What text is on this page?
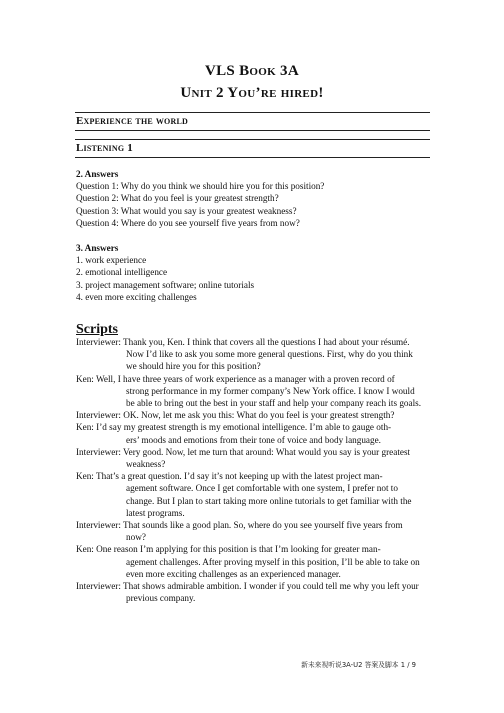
VLS Book 3A
Unit 2 You’re hired!
Experience the world
Listening 1
2. Answers
Question 1: Why do you think we should hire you for this position?
Question 2: What do you feel is your greatest strength?
Question 3: What would you say is your greatest weakness?
Question 4: Where do you see yourself five years from now?
3. Answers
1. work experience
2. emotional intelligence
3. project management software; online tutorials
4. even more exciting challenges
Scripts
Interviewer: Thank you, Ken. I think that covers all the questions I had about your résumé.
Now I’d like to ask you some more general questions. First, why do you think
we should hire you for this position?
Ken: Well, I have three years of work experience as a manager with a proven record of
strong performance in my former company’s New York office. I know I would
be able to bring out the best in your staff and help your company reach its goals.
Interviewer: OK. Now, let me ask you this: What do you feel is your greatest strength?
Ken: I’d say my greatest strength is my emotional intelligence. I’m able to gauge oth-
ers’ moods and emotions from their tone of voice and body language.
Interviewer: Very good. Now, let me turn that around: What would you say is your greatest
weakness?
Ken: That’s a great question. I’d say it’s not keeping up with the latest project man-
agement software. Once I get comfortable with one system, I prefer not to
change. But I plan to start taking more online tutorials to get familiar with the
latest programs.
Interviewer: That sounds like a good plan. So, where do you see yourself five years from
now?
Ken: One reason I’m applying for this position is that I’m looking for greater man-
agement challenges. After proving myself in this position, I’ll be able to take on
even more exciting challenges as an experienced manager.
Interviewer: That shows admirable ambition. I wonder if you could tell me why you left your
previous company.
新未来视听说3A-U2 答案及脚本 1 / 9
